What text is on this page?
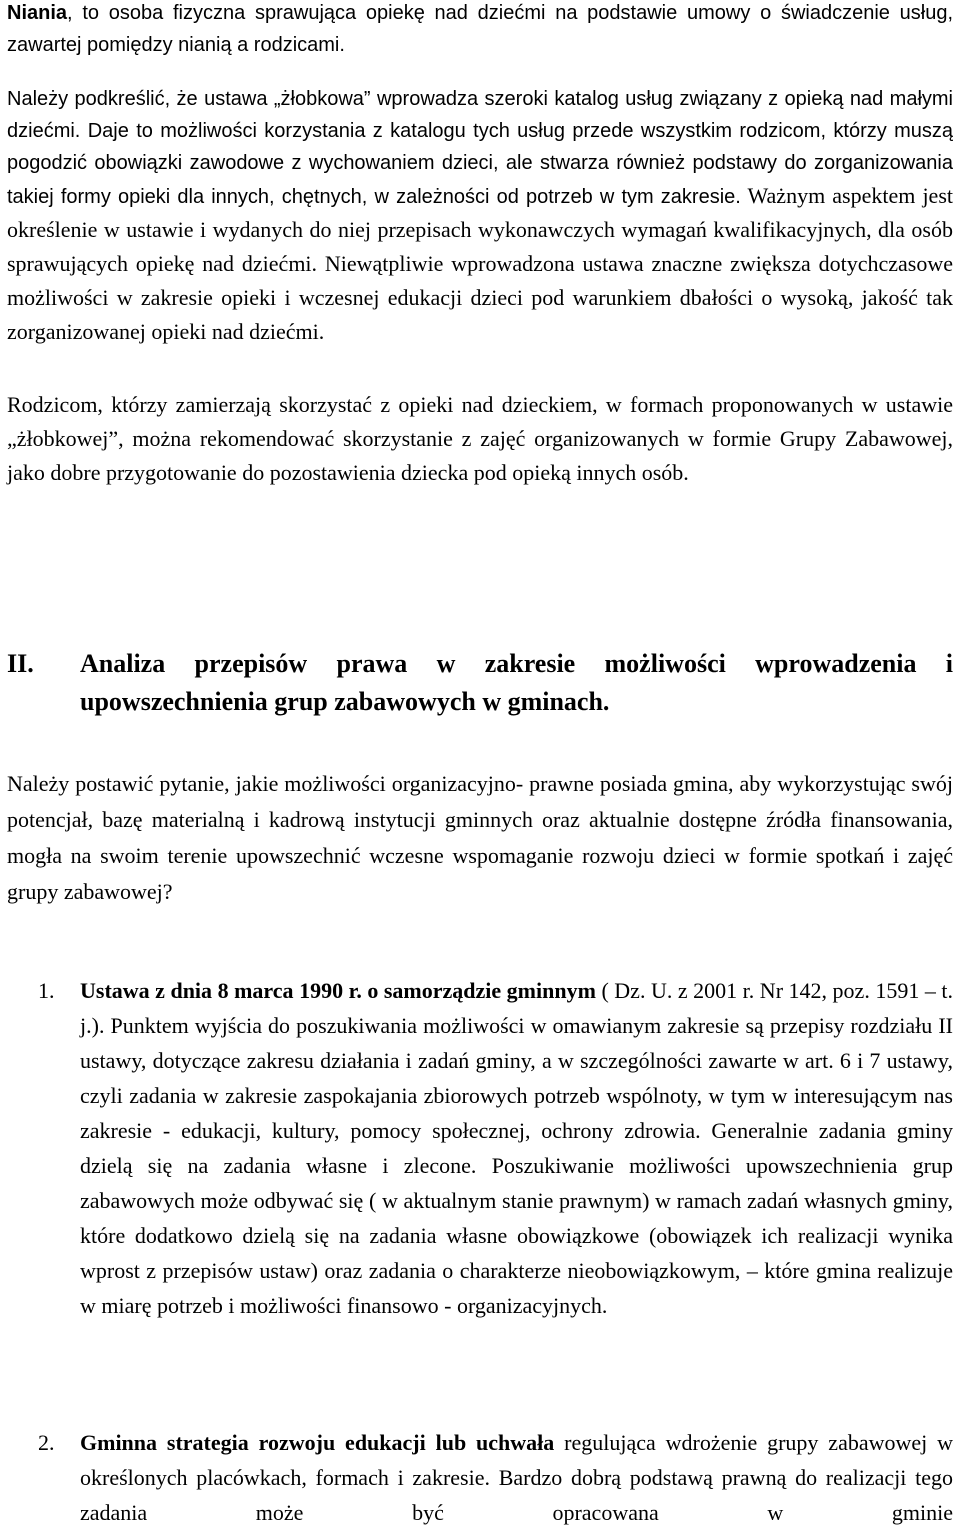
Niania, to osoba fizyczna sprawująca opiekę nad dziećmi na podstawie umowy o świadczenie usług, zawartej pomiędzy nianią a rodzicami.

Należy podkreślić, że ustawa „żłobkowa” wprowadza szeroki katalog usług związany z opieką nad małymi dziećmi. Daje to możliwości korzystania z katalogu tych usług przede wszystkim rodzicom, którzy muszą pogodzić obowiązki zawodowe z wychowaniem dzieci, ale stwarza również podstawy do zorganizowania takiej formy opieki dla innych, chętnych, w zależności od potrzeb w tym zakresie. Ważnym aspektem jest określenie w ustawie i wydanych do niej przepisach wykonawczych wymagań kwalifikacyjnych, dla osób sprawujących opiekę nad dziećmi. Niewątpliwie wprowadzona ustawa znaczne zwiększa dotychczasowe możliwości w zakresie opieki i wczesnej edukacji dzieci pod warunkiem dbałości o wysoką, jakość tak zorganizowanej opieki nad dziećmi.

Rodzicom, którzy zamierzają skorzystać z opieki nad dzieckiem, w formach proponowanych w ustawie „żłobkowej”, można rekomendować skorzystanie z zajęć organizowanych w formie Grupy Zabawowej, jako dobre przygotowanie do pozostawienia dziecka pod opieką innych osób.

II.	Analiza przepisów prawa w zakresie możliwości wprowadzenia i upowszechnienia grup zabawowych w gminach.

Należy postawić pytanie, jakie możliwości organizacyjno- prawne posiada gmina, aby wykorzystując swój potencjał, bazę materialną i kadrową instytucji gminnych oraz aktualnie dostępne źródła finansowania, mogła na swoim terenie upowszechnić wczesne wspomaganie rozwoju dzieci w formie spotkań i zajęć grupy zabawowej?

1.	Ustawa z dnia 8 marca 1990 r. o samorządzie gminnym ( Dz. U. z 2001 r. Nr 142, poz. 1591 – t. j.). Punktem wyjścia do poszukiwania możliwości w omawianym zakresie są przepisy rozdziału II ustawy, dotyczące zakresu działania i zadań gminy, a w szczególności zawarte w art. 6 i 7 ustawy, czyli zadania w zakresie zaspokajania zbiorowych potrzeb wspólnoty, w tym w interesującym nas zakresie - edukacji, kultury, pomocy społecznej, ochrony zdrowia. Generalnie zadania gminy dzielą się na zadania własne i zlecone. Poszukiwanie możliwości upowszechnienia grup zabawowych może odbywać się ( w aktualnym stanie prawnym) w ramach zadań własnych gminy, które dodatkowo dzielą się na zadania własne obowiązkowe (obowiązek ich realizacji wynika wprost z przepisów ustaw) oraz zadania o charakterze nieobowiązkowym, – które gmina realizuje w miarę potrzeb i możliwości finansowo - organizacyjnych.

2.	Gminna strategia rozwoju edukacji lub uchwała regulująca wdrożenie grupy zabawowej w określonych placówkach, formach i zakresie. Bardzo dobrą podstawą prawną do realizacji tego zadania może być opracowana w gminie
